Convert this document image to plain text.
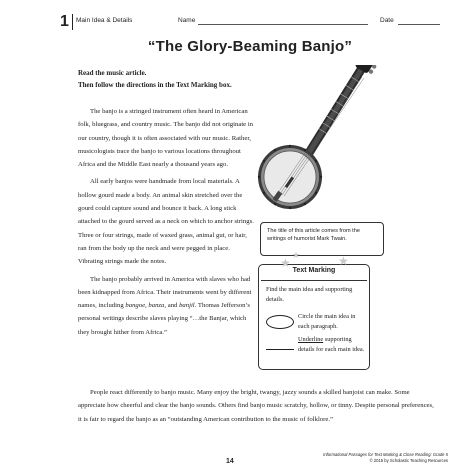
1 Main Idea & Details	Name	Date
“The Glory-Beaming Banjo”

Read the music article.
Then follow the directions in the Text Marking box.

The banjo is a stringed instrument often heard in American folk, bluegrass, and country music. The banjo did not originate in our country, though it is often associated with our music. Rather, musicologists trace the banjo to various locations throughout Africa and the Middle East nearly a thousand years ago.

All early banjos were handmade from local materials. A hollow gourd made a body. An animal skin stretched over the gourd could capture sound and bounce it back. A long stick attached to the gourd served as a neck on which to anchor strings. Three or four strings, made of waxed grass, animal gut, or hair, ran from the body up the neck and were pegged in place. Vibrating strings made the notes.

The banjo probably arrived in America with slaves who had been kidnapped from Africa. Their instruments went by different names, including bangoe, banza, and banjil. Thomas Jefferson’s personal writings describe slaves playing “…the Banjar, which they brought hither from Africa.”

People react differently to banjo music. Many enjoy the bright, twangy, jazzy sounds a skilled banjoist can make. Some appreciate how cheerful and clear the banjo sounds. Others find banjo music scratchy, hollow, or tinny. Despite personal preferences, it is fair to regard the banjo as an “outstanding American contribution to the music of folklore.”

The title of this article comes from the writings of humorist Mark Twain.
★
★	★
Text Marking
Find the main idea and supporting details.
Circle the main idea in each paragraph.
Underline supporting details for each main idea.
14
Informational Passages for Text Marking & Close Reading: Grade 5
© 2015 by Scholastic Teaching Resources
